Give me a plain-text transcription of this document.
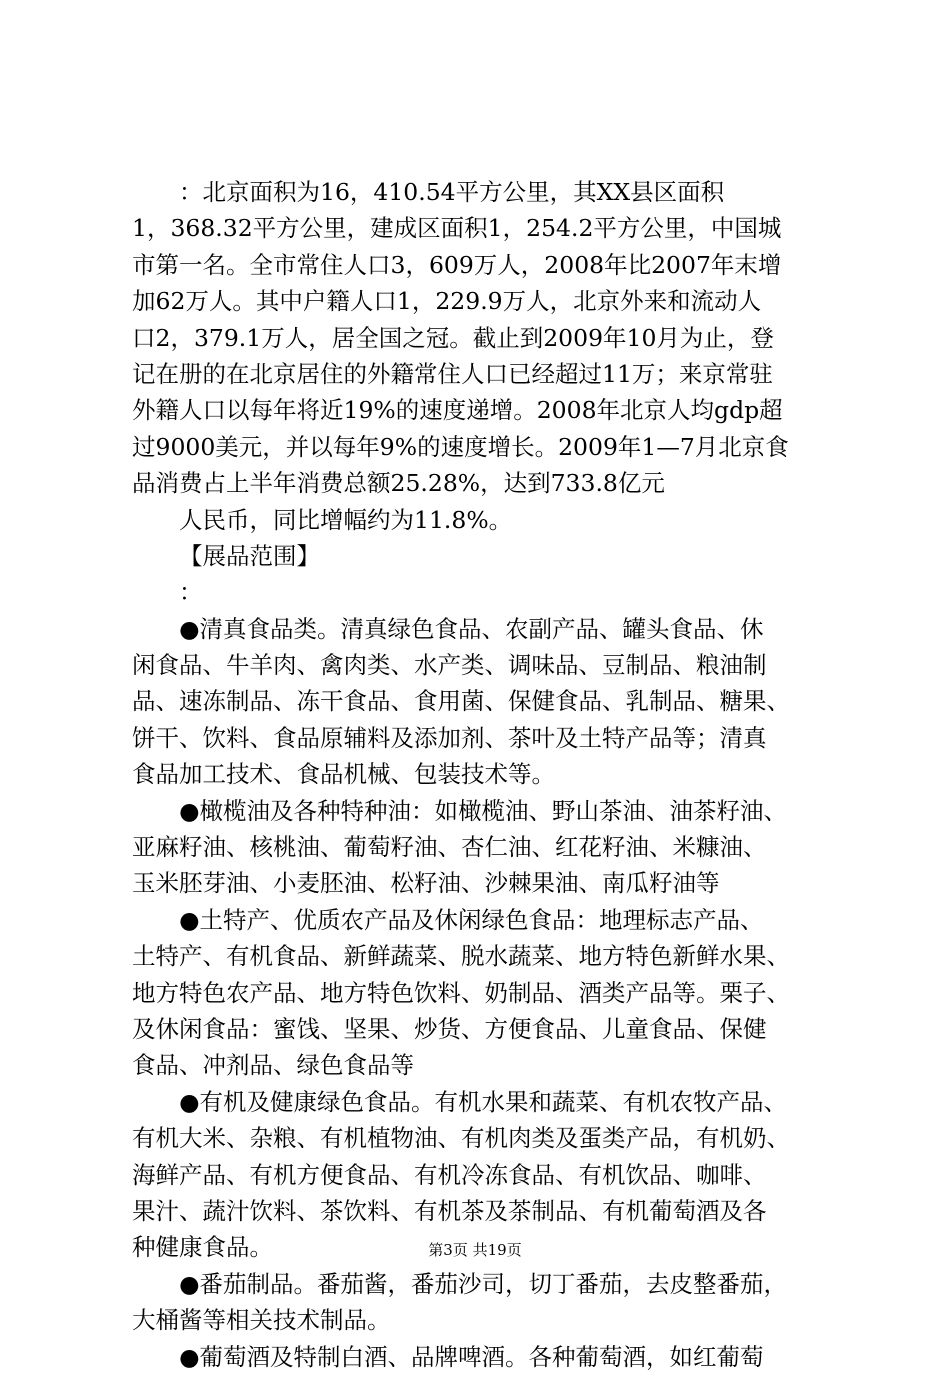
：北京面积为16，410.54平方公里，其XX县区面积
1，368.32平方公里，建成区面积1，254.2平方公里，中国城
市第一名。全市常住人口3，609万人，2008年比2007年末增
加62万人。其中户籍人口1，229.9万人，北京外来和流动人
口2，379.1万人，居全国之冠。截止到2009年10月为止，登
记在册的在北京居住的外籍常住人口已经超过11万；来京常驻
外籍人口以每年将近19%的速度递增。2008年北京人均gdp超
过9000美元，并以每年9%的速度增长。2009年1—7月北京食
品消费占上半年消费总额25.28%，达到733.8亿元
人民币，同比增幅约为11.8%。
【展品范围】
：
●清真食品类。清真绿色食品、农副产品、罐头食品、休
闲食品、牛羊肉、禽肉类、水产类、调味品、豆制品、粮油制
品、速冻制品、冻干食品、食用菌、保健食品、乳制品、糖果、
饼干、饮料、食品原辅料及添加剂、茶叶及土特产品等；清真
食品加工技术、食品机械、包装技术等。
●橄榄油及各种特种油：如橄榄油、野山茶油、油茶籽油、
亚麻籽油、核桃油、葡萄籽油、杏仁油、红花籽油、米糠油、
玉米胚芽油、小麦胚油、松籽油、沙棘果油、南瓜籽油等
●土特产、优质农产品及休闲绿色食品：地理标志产品、
土特产、有机食品、新鲜蔬菜、脱水蔬菜、地方特色新鲜水果、
地方特色农产品、地方特色饮料、奶制品、酒类产品等。栗子、
及休闲食品：蜜饯、坚果、炒货、方便食品、儿童食品、保健
食品、冲剂品、绿色食品等
●有机及健康绿色食品。有机水果和蔬菜、有机农牧产品、
有机大米、杂粮、有机植物油、有机肉类及蛋类产品，有机奶、
海鲜产品、有机方便食品、有机冷冻食品、有机饮品、咖啡、
果汁、蔬汁饮料、茶饮料、有机茶及茶制品、有机葡萄酒及各
种健康食品。
●番茄制品。番茄酱，番茄沙司，切丁番茄，去皮整番茄，
大桶酱等相关技术制品。
●葡萄酒及特制白酒、品牌啤酒。各种葡萄酒，如红葡萄
第3页 共19页
